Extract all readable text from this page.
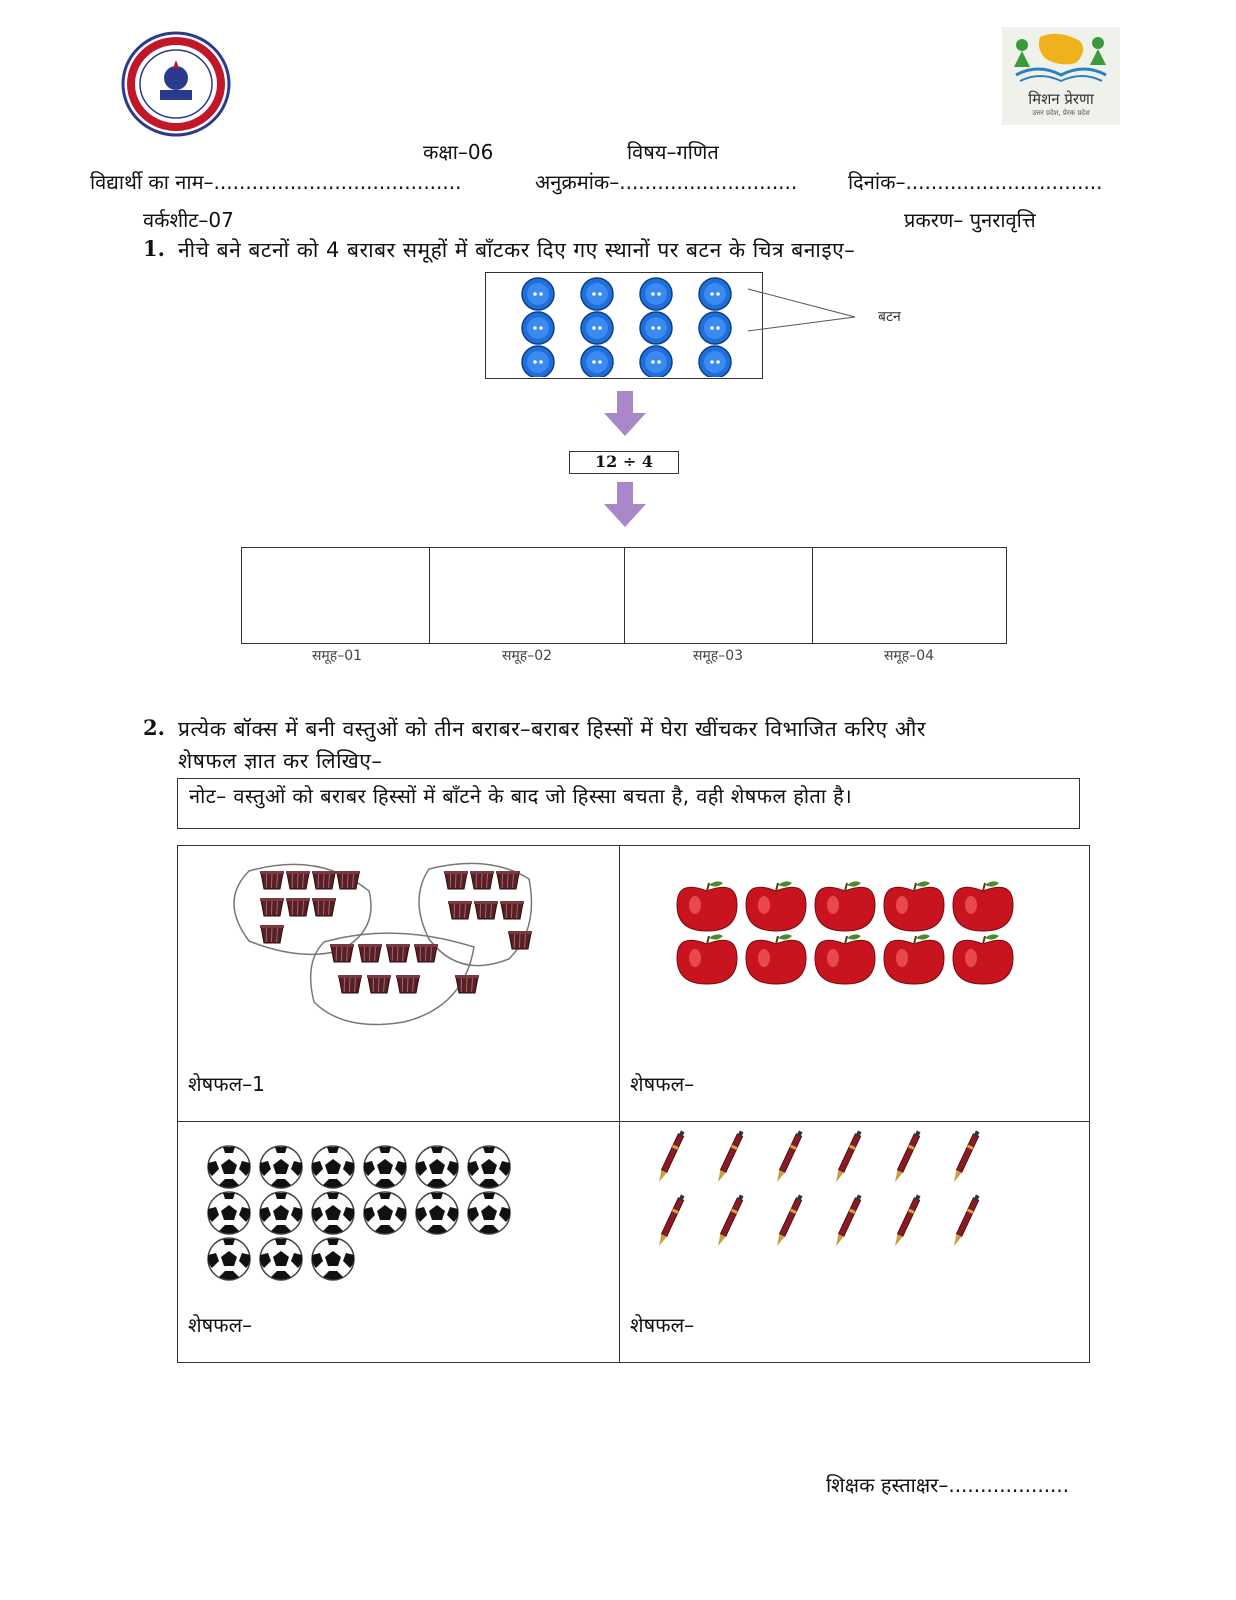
मिशन प्रेरणा
उत्तर प्रदेश, प्रेरक प्रदेश
कक्षा–06	विषय–गणित
विद्यार्थी का नाम–.......................................	अनुक्रमांक–............................	दिनांक–...............................
वर्कशीट–07	प्रकरण– पुनरावृत्ति
1. नीचे बने बटनों को 4 बराबर समूहों में बाँटकर दिए गए स्थानों पर बटन के चित्र बनाइए–
बटन
12 ÷ 4
समूह–01	समूह–02	समूह–03	समूह–04
2. प्रत्येक बॉक्स में बनी वस्तुओं को तीन बराबर–बराबर हिस्सों में घेरा खींचकर विभाजित करिए और
शेषफल ज्ञात कर लिखिए–
नोट– वस्तुओं को बराबर हिस्सों में बाँटने के बाद जो हिस्सा बचता है, वही शेषफल होता है।
शेषफल–1	शेषफल–
शेषफल–	शेषफल–
शिक्षक हस्ताक्षर–...................
